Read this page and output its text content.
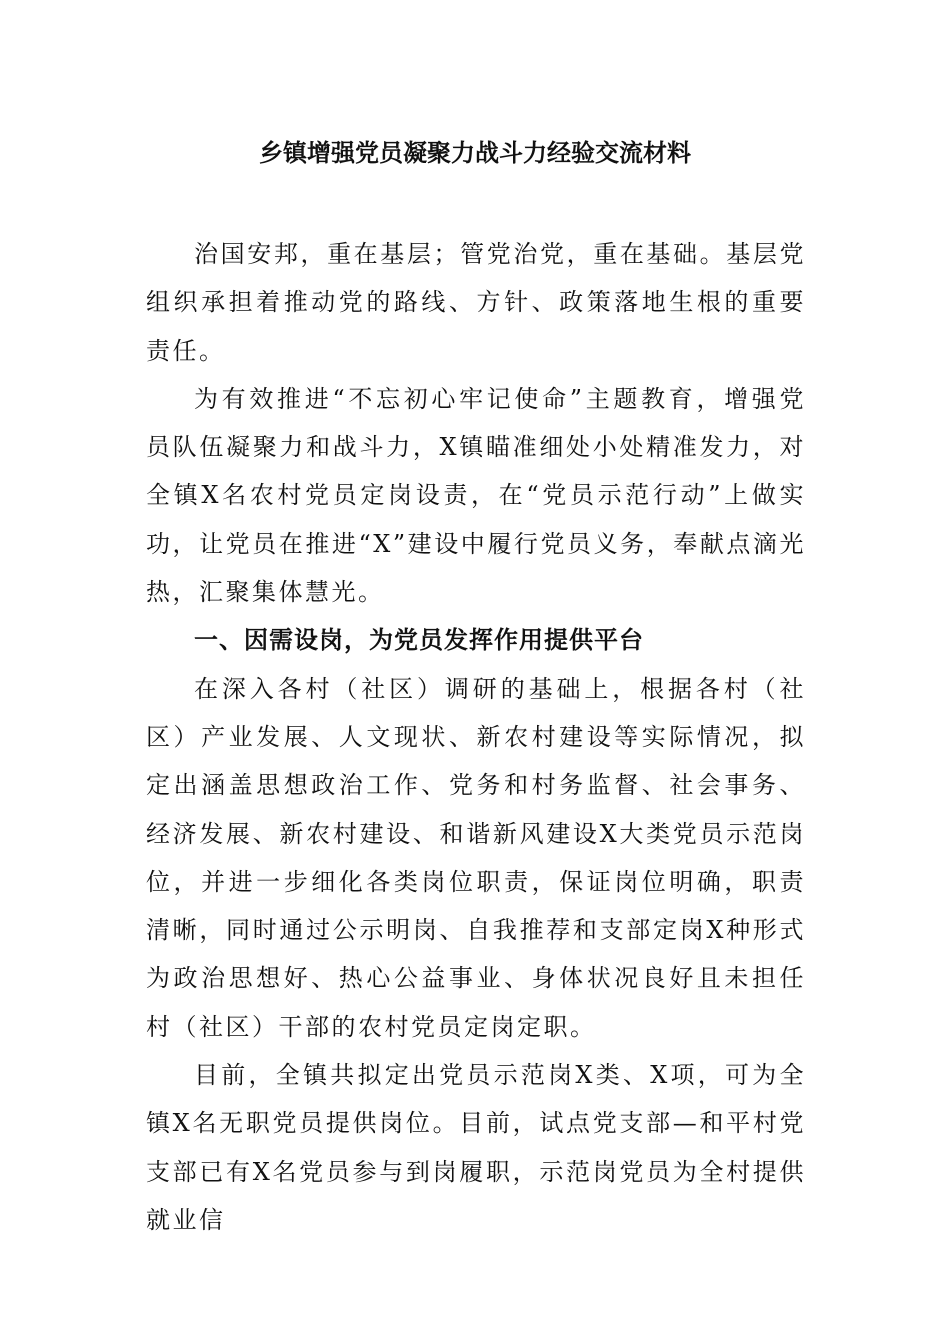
乡镇增强党员凝聚力战斗力经验交流材料

治国安邦，重在基层；管党治党，重在基础。基层党组织承担着推动党的路线、方针、政策落地生根的重要责任。

为有效推进“不忘初心牢记使命”主题教育，增强党员队伍凝聚力和战斗力，X镇瞄准细处小处精准发力，对全镇X名农村党员定岗设责，在“党员示范行动”上做实功，让党员在推进“X”建设中履行党员义务，奉献点滴光热，汇聚集体慧光。

一、因需设岗，为党员发挥作用提供平台

在深入各村（社区）调研的基础上，根据各村（社区）产业发展、人文现状、新农村建设等实际情况，拟定出涵盖思想政治工作、党务和村务监督、社会事务、经济发展、新农村建设、和谐新风建设X大类党员示范岗位，并进一步细化各类岗位职责，保证岗位明确，职责清晰，同时通过公示明岗、自我推荐和支部定岗X种形式为政治思想好、热心公益事业、身体状况良好且未担任村（社区）干部的农村党员定岗定职。

目前，全镇共拟定出党员示范岗X类、X项，可为全镇X名无职党员提供岗位。目前，试点党支部—和平村党支部已有X名党员参与到岗履职，示范岗党员为全村提供就业信
